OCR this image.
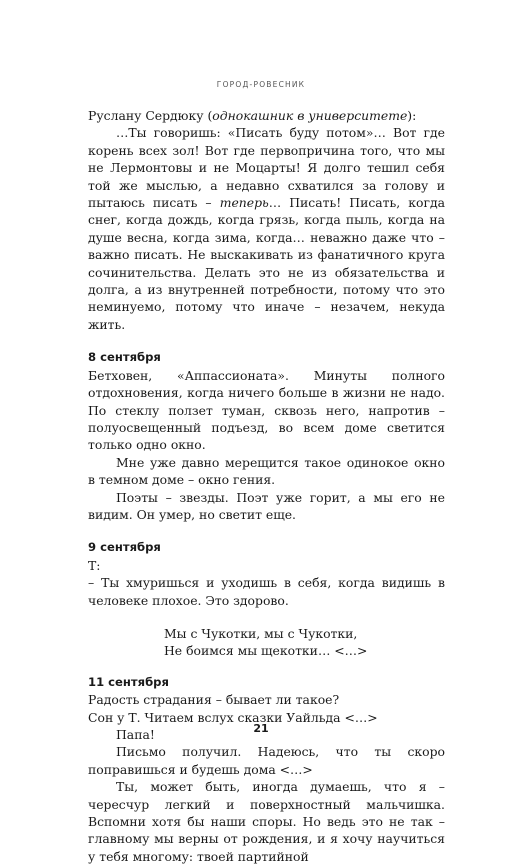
ГОРОД-РОВЕСНИК

Руслану Сердюку (однокашник в университете):

…Ты говоришь: «Писать буду потом»… Вот где корень всех зол! Вот где первопричина того, что мы не Лермонтовы и не Моцарты! Я долго тешил себя той же мыслью, а недавно схватился за голову и пытаюсь писать – теперь… Писать! Писать, когда снег, когда дождь, когда грязь, когда пыль, когда на душе весна, когда зима, когда… неважно даже что – важно писать. Не выскакивать из фанатичного круга сочинительства. Делать это не из обязательства и долга, а из внутренней потребности, потому что это неминуемо, потому что иначе – незачем, некуда жить.

8 сентября

Бетховен, «Аппассионата». Минуты полного отдохновения, когда ничего больше в жизни не надо. По стеклу ползет туман, сквозь него, напротив – полуосвещенный подъезд, во всем доме светится только одно окно.

Мне уже давно мерещится такое одинокое окно в темном доме – окно гения.

Поэты – звезды. Поэт уже горит, а мы его не видим. Он умер, но светит еще.

9 сентября

Т:

– Ты хмуришься и уходишь в себя, когда видишь в человеке плохое. Это здорово.

Мы с Чукотки, мы с Чукотки,
Не боимся мы щекотки… <…>
11 сентября

Радость страдания – бывает ли такое?

Сон у Т. Читаем вслух сказки Уайльда <…>

Папа!

Письмо получил. Надеюсь, что ты скоро поправишься и будешь дома <…>

Ты, может быть, иногда думаешь, что я – чересчур легкий и поверхностный мальчишка. Вспомни хотя бы наши споры. Но ведь это не так – главному мы верны от рождения, и я хочу научиться у тебя многому: твоей партийной

21
